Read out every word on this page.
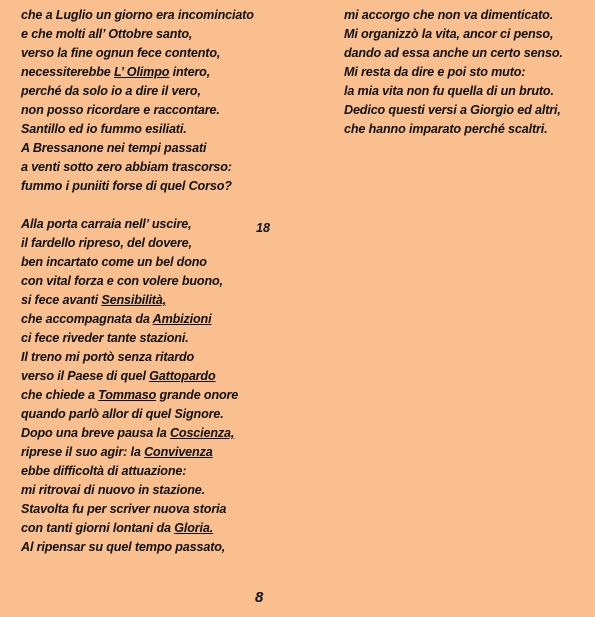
che a Luglio un giorno era incominciato
e che molti all’ Ottobre santo,
verso la fine ognun fece contento,
necessiterebbe L’ Olimpo intero,
perché da solo io a dire il vero,
non posso ricordare e raccontare.
Santillo ed io fummo esiliati.
A Bressanone nei tempi passati
a venti sotto zero abbiam trascorso:
fummo i puniiti forse di quel Corso?
Alla porta carraia nell’ uscire,
il fardello ripreso, del dovere,
ben incartato come un bel dono
con vital forza e con volere buono,
si fece avanti Sensibilità,
che accompagnata da Ambizioni
ci fece riveder tante stazioni.
Il treno mi portò senza ritardo
verso il Paese di quel Gattopardo
che chiede a Tommaso grande onore
quando parlò allor di quel Signore.
Dopo una breve pausa la Coscienza,
riprese il suo agir: la Convivenza
ebbe difficoltà di attuazione:
mi ritrovai di nuovo in stazione.
Stavolta fu per scriver nuova storia
con tanti giorni lontani da Gloria.
Al ripensar su quel tempo passato,
18
mi accorgo che non va dimenticato.
Mi organizzò la vita, ancor ci penso,
dando ad essa anche un certo senso.
Mi resta da dire e poi sto muto:
la mia vita non fu quella di un bruto.
Dedico questi versi a Giorgio ed altri,
che hanno imparato perché scaltri.
8
